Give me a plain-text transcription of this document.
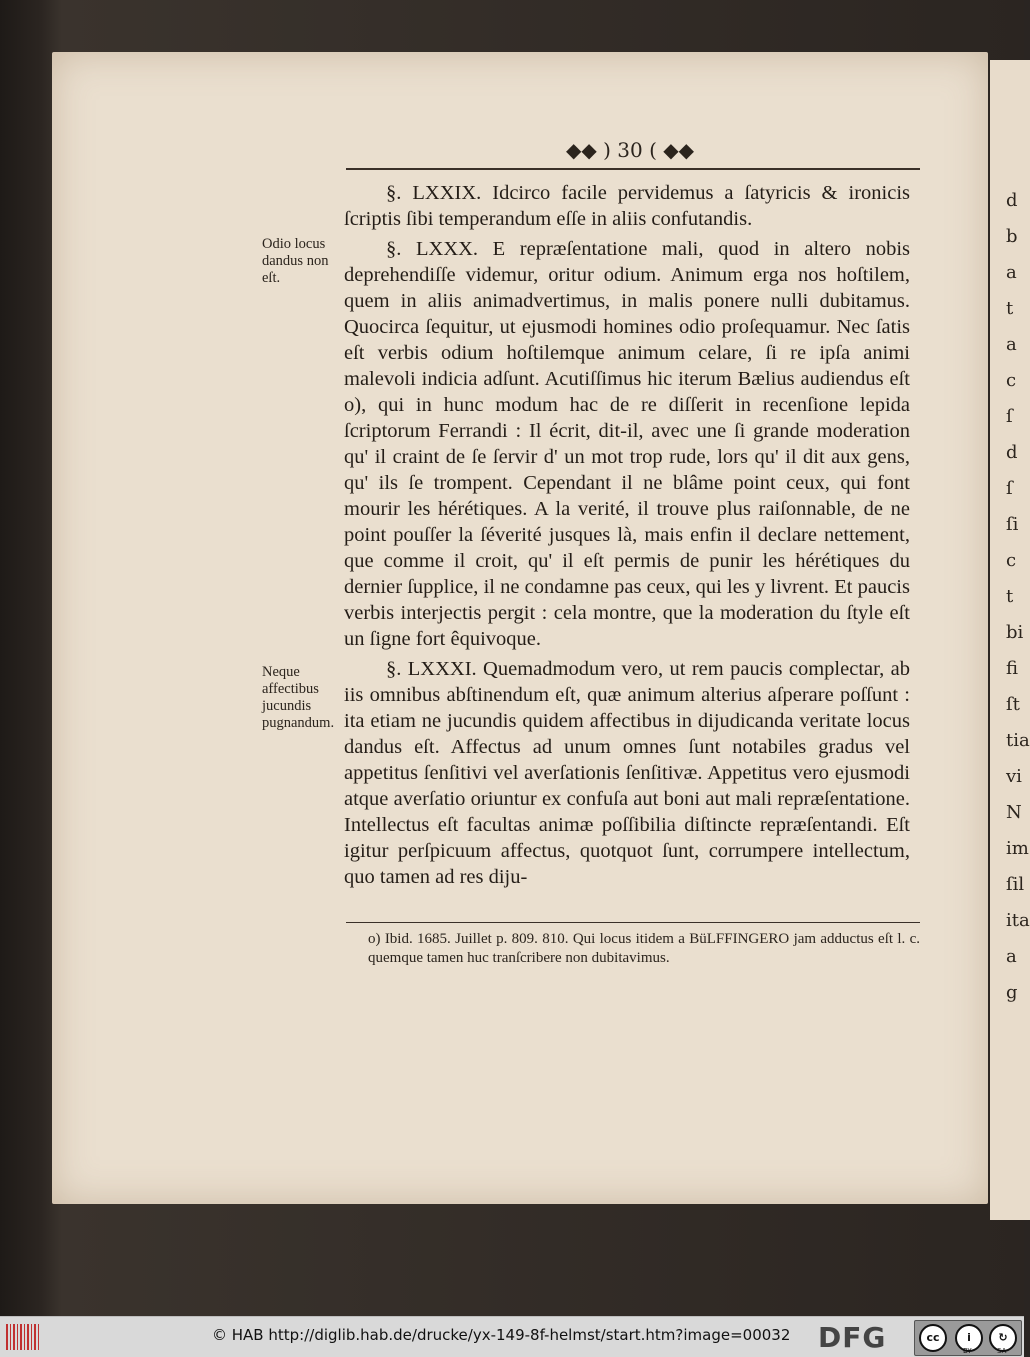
d
b
a
t
a
c
ſ
d
ſ
ſi
c
t
bi
fi
ſt
tia
vi
N
im
ſil
ita
a
g
◆◆ ) 30 ( ◆◆
Odio locus dandus non eſt.
Neque affectibus jucundis pugnandum.

§. LXXIX. Idcirco facile pervidemus a ſatyricis & ironicis ſcriptis ſibi temperandum eſſe in aliis confutandis.

§. LXXX. E repræſentatione mali, quod in altero nobis deprehendiſſe videmur, oritur odium. Animum erga nos hoſtilem, quem in aliis animadvertimus, in malis ponere nulli dubitamus. Quocirca ſequitur, ut ejusmodi homines odio proſequamur. Nec ſatis eſt verbis odium hoſtilemque animum celare, ſi re ipſa animi malevoli indicia adſunt. Acutiſſimus hic iterum Bælius audiendus eſt o), qui in hunc modum hac de re diſſerit in recenſione lepida ſcriptorum Ferrandi : Il écrit, dit-il, avec une ſi grande moderation qu' il craint de ſe ſervir d' un mot trop rude, lors qu' il dit aux gens, qu' ils ſe trompent. Cependant il ne blâme point ceux, qui font mourir les hérétiques. A la verité, il trouve plus raiſonnable, de ne point pouſſer la ſéverité jusques là, mais enfin il declare nettement, que comme il croit, qu' il eſt permis de punir les hérétiques du dernier ſupplice, il ne condamne pas ceux, qui les y livrent. Et paucis verbis interjectis pergit : cela montre, que la moderation du ſtyle eſt un ſigne fort êquivoque.

§. LXXXI. Quemadmodum vero, ut rem paucis complectar, ab iis omnibus abſtinendum eſt, quæ animum alterius aſperare poſſunt : ita etiam ne jucundis quidem affectibus in dijudicanda veritate locus dandus eſt. Affectus ad unum omnes ſunt notabiles gradus vel appetitus ſenſitivi vel averſationis ſenſitivæ. Appetitus vero ejusmodi atque averſatio oriuntur ex confuſa aut boni aut mali repræſentatione. Intellectus eſt facultas animæ poſſibilia diſtincte repræſentandi. Eſt igitur perſpicuum affectus, quotquot ſunt, corrumpere intellectum, quo tamen ad res diju-

o) Ibid. 1685. Juillet p. 809. 810. Qui locus itidem a BüLFFINGERO jam adductus eſt l. c. quemque tamen huc tranſcribere non dubitavimus.
© HAB http://diglib.hab.de/drucke/yx-149-8f-helmst/start.htm?image=00032 DFG	cc	i	↻
BY	SA
